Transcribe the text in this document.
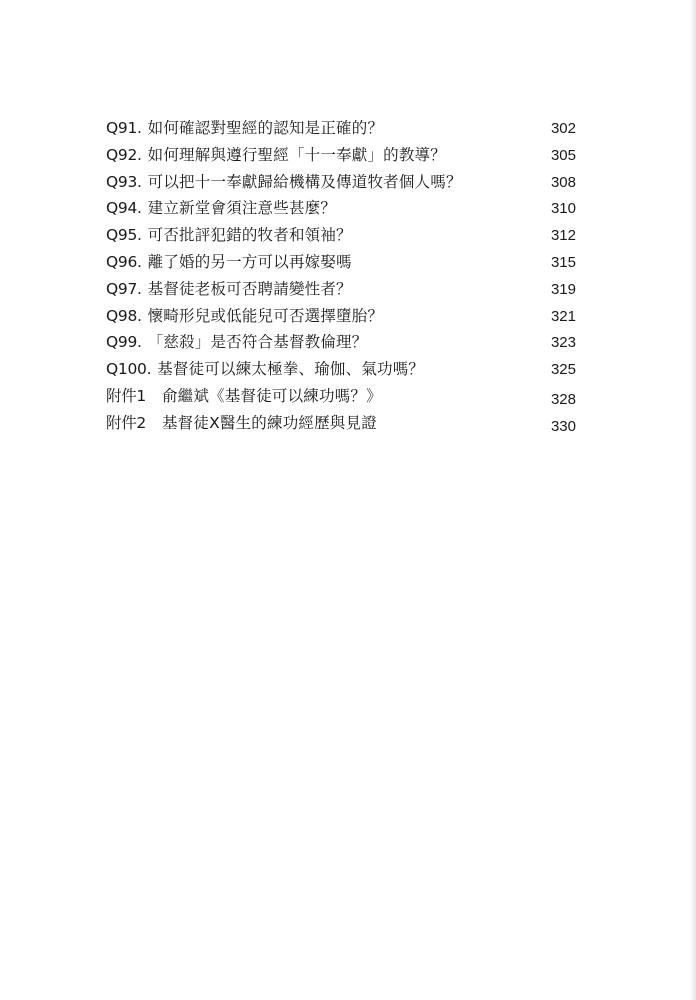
Q91. 如何確認對聖經的認知是正確的？	302
Q92. 如何理解與遵行聖經「十一奉獻」的教導？	305
Q93. 可以把十一奉獻歸給機構及傳道牧者個人嗎？	308
Q94. 建立新堂會須注意些甚麼？	310
Q95. 可否批評犯錯的牧者和領袖？	312
Q96. 離了婚的另一方可以再嫁娶嗎	315
Q97. 基督徒老板可否聘請變性者？	319
Q98. 懷畸形兒或低能兒可否選擇墮胎？	321
Q99. 「慈殺」是否符合基督教倫理？	323
Q100. 基督徒可以練太極拳、瑜伽、氣功嗎？	325
附件1 俞繼斌《基督徒可以練功嗎？》	328
附件2 基督徒X醫生的練功經歷與見證	330
